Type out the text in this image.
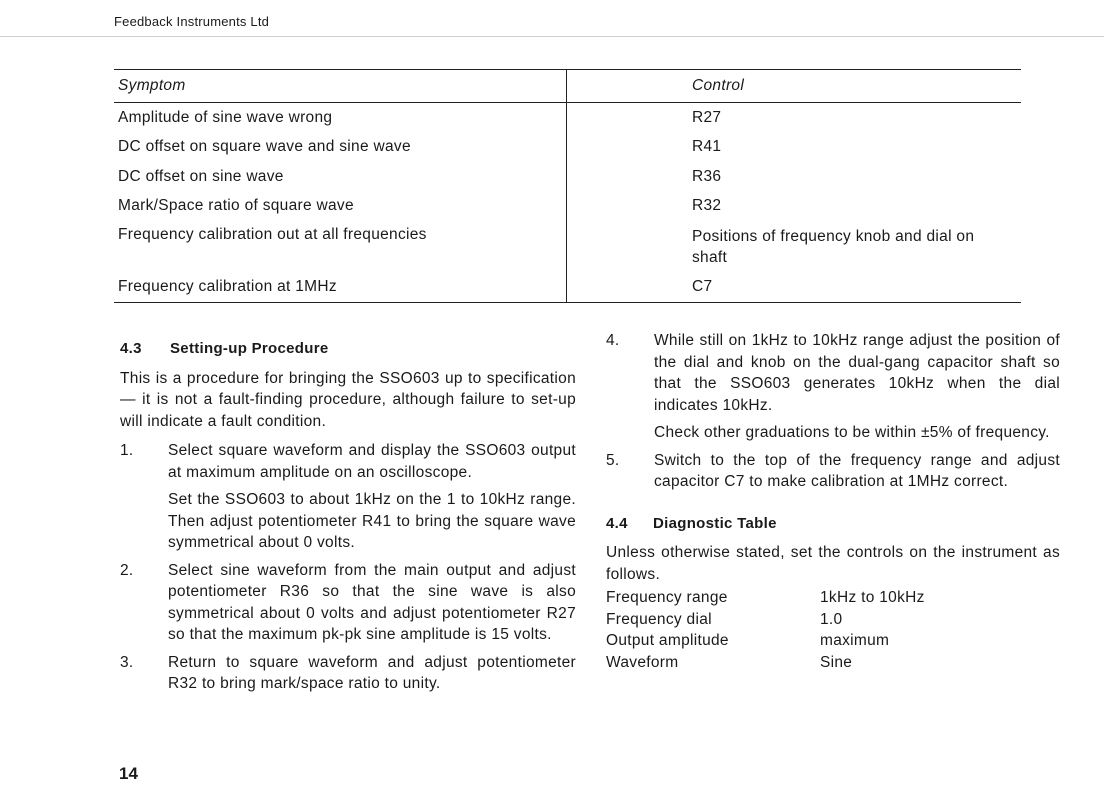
Feedback Instruments Ltd
Symptom	Control
Amplitude of sine wave wrong	R27
DC offset on square wave and sine wave	R41
DC offset on sine wave	R36
Mark/Space ratio of square wave	R32
Frequency calibration out at all frequencies	Positions of frequency knob and dial on shaft
Frequency calibration at 1MHz	C7
4.3	Setting-up Procedure

This is a procedure for bringing the SSO603 up to specification — it is not a fault-finding procedure, although failure to set-up will indicate a fault condition.

1.	Select square waveform and display the SSO603 output at maximum amplitude on an oscilloscope.

Set the SSO603 to about 1kHz on the 1 to 10kHz range. Then adjust potentiometer R41 to bring the square wave symmetrical about 0 volts.

2.	Select sine waveform from the main output and adjust potentiometer R36 so that the sine wave is also symmetrical about 0 volts and adjust potentiometer R27 so that the maximum pk-pk sine amplitude is 15 volts.

3.	Return to square waveform and adjust potentiometer R32 to bring mark/space ratio to unity.

4.	While still on 1kHz to 10kHz range adjust the position of the dial and knob on the dual-gang capacitor shaft so that the SSO603 generates 10kHz when the dial indicates 10kHz.

Check other graduations to be within ±5% of frequency.

5.	Switch to the top of the frequency range and adjust capacitor C7 to make calibration at 1MHz correct.

4.4	Diagnostic Table

Unless otherwise stated, set the controls on the instrument as follows.

Frequency range	1kHz to 10kHz
Frequency dial	1.0
Output amplitude	maximum
Waveform	Sine
14
